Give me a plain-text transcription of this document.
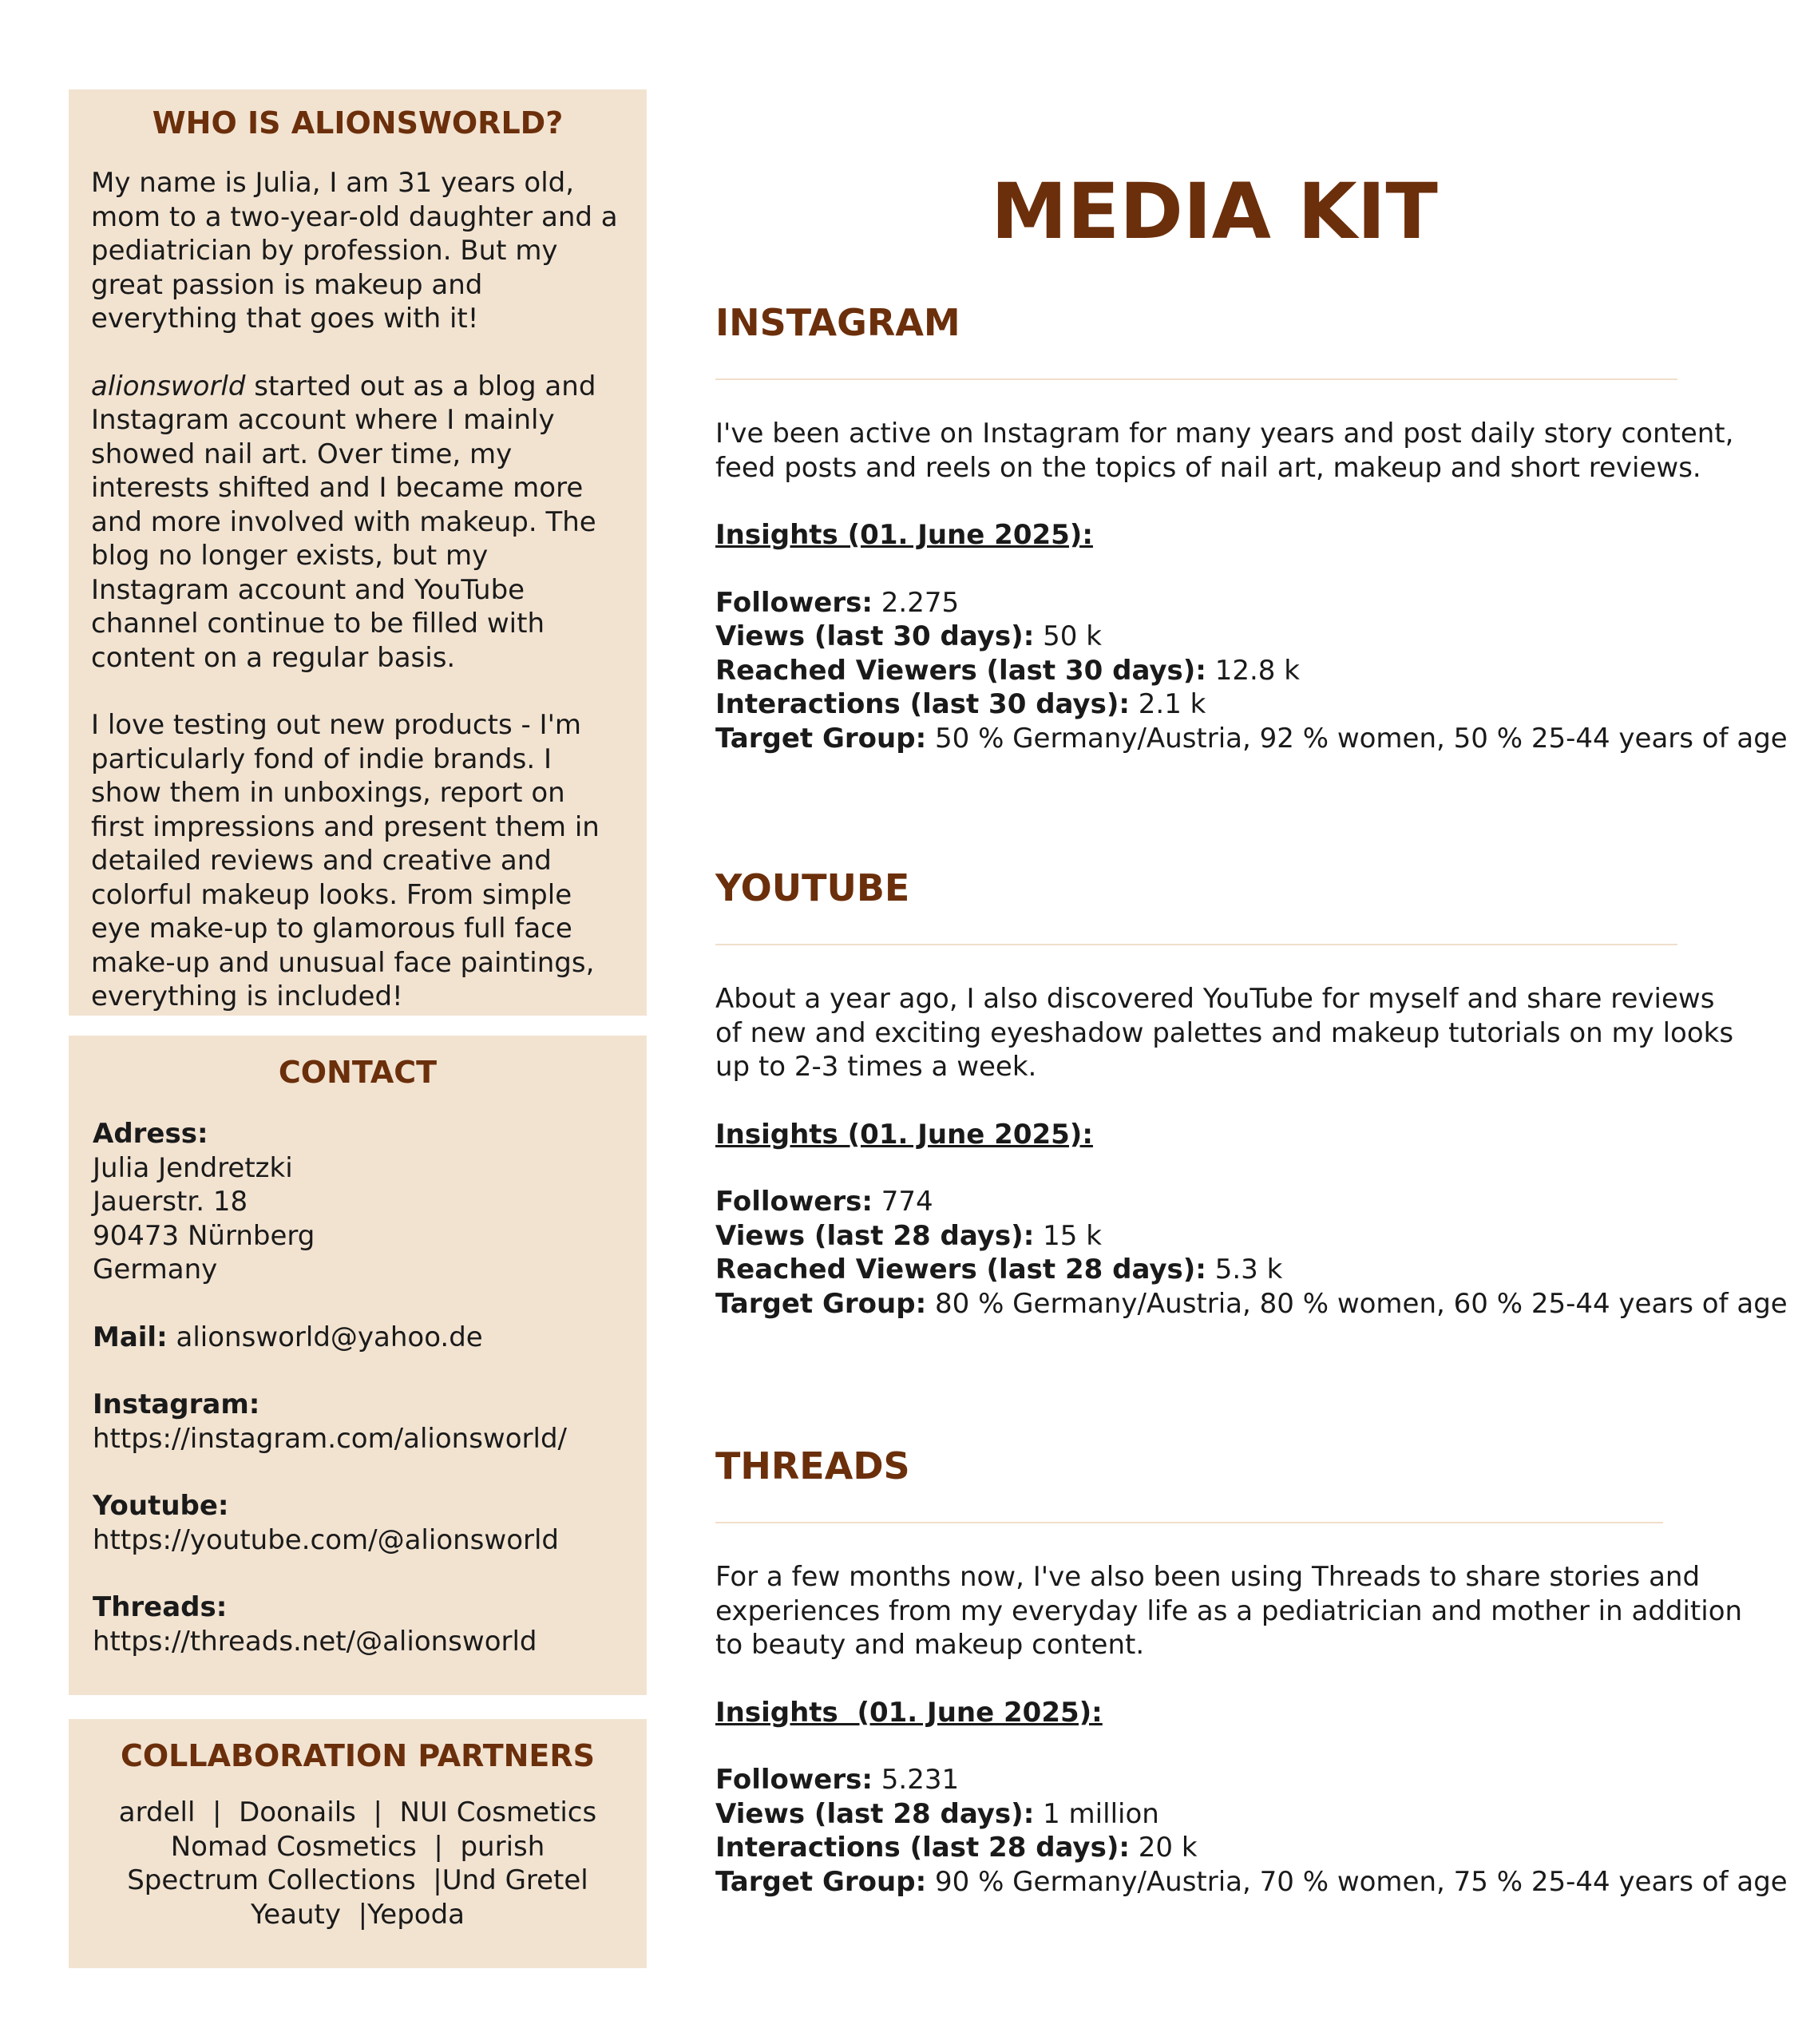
WHO IS ALIONSWORLD?

My name is Julia, I am 31 years old, mom to a two-year-old daughter and a pediatrician by profession. But my great passion is makeup and everything that goes with it!

alionsworld started out as a blog and Instagram account where I mainly showed nail art. Over time, my interests shifted and I became more and more involved with makeup. The blog no longer exists, but my Instagram account and YouTube channel continue to be filled with content on a regular basis.

I love testing out new products - I'm particularly fond of indie brands. I show them in unboxings, report on first impressions and present them in detailed reviews and creative and colorful makeup looks. From simple eye make-up to glamorous full face make-up and unusual face paintings, everything is included!

CONTACT
Adress:
Julia Jendretzki
Jauerstr. 18
90473 Nürnberg
Germany
Mail: alionsworld@yahoo.de
Instagram:
https://instagram.com/alionsworld/
Youtube:
https://youtube.com/@alionsworld
Threads:
https://threads.net/@alionsworld
COLLABORATION PARTNERS
ardell  |  Doonails  |  NUI Cosmetics
Nomad Cosmetics  |  purish
Spectrum Collections  |Und Gretel
Yeauty  |Yepoda
MEDIA KIT
INSTAGRAM

I've been active on Instagram for many years and post daily story content, feed posts and reels on the topics of nail art, makeup and short reviews.

Insights (01. June 2025):

Followers: 2.275

Views (last 30 days): 50 k

Reached Viewers (last 30 days): 12.8 k

Interactions (last 30 days): 2.1 k

Target Group: 50 % Germany/Austria, 92 % women, 50 % 25-44 years of age

YOUTUBE

About a year ago, I also discovered YouTube for myself and share reviews of new and exciting eyeshadow palettes and makeup tutorials on my looks up to 2-3 times a week.

Insights (01. June 2025):

Followers: 774

Views (last 28 days): 15 k

Reached Viewers (last 28 days): 5.3 k

Target Group: 80 % Germany/Austria, 80 % women, 60 % 25-44 years of age

THREADS

For a few months now, I've also been using Threads to share stories and experiences from my everyday life as a pediatrician and mother in addition to beauty and makeup content.

Insights  (01. June 2025):

Followers: 5.231

Views (last 28 days): 1 million

Interactions (last 28 days): 20 k

Target Group: 90 % Germany/Austria, 70 % women, 75 % 25-44 years of age
